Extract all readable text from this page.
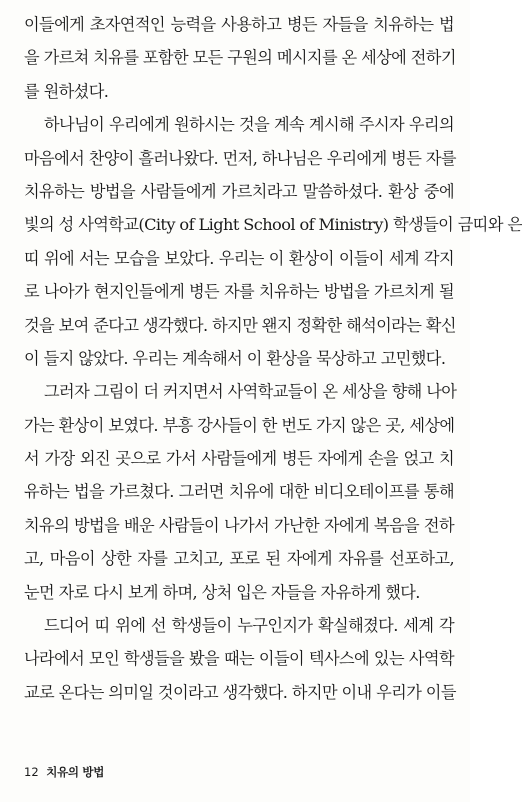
이들에게 초자연적인 능력을 사용하고 병든 자들을 치유하는 법
을 가르쳐 치유를 포함한 모든 구원의 메시지를 온 세상에 전하기
를 원하셨다.
하나님이 우리에게 원하시는 것을 계속 계시해 주시자 우리의
마음에서 찬양이 흘러나왔다. 먼저, 하나님은 우리에게 병든 자를
치유하는 방법을 사람들에게 가르치라고 말씀하셨다. 환상 중에
빛의 성 사역학교(City of Light School of Ministry) 학생들이 금띠와 은
띠 위에 서는 모습을 보았다. 우리는 이 환상이 이들이 세계 각지
로 나아가 현지인들에게 병든 자를 치유하는 방법을 가르치게 될
것을 보여 준다고 생각했다. 하지만 왠지 정확한 해석이라는 확신
이 들지 않았다. 우리는 계속해서 이 환상을 묵상하고 고민했다.
그러자 그림이 더 커지면서 사역학교들이 온 세상을 향해 나아
가는 환상이 보였다. 부흥 강사들이 한 번도 가지 않은 곳, 세상에
서 가장 외진 곳으로 가서 사람들에게 병든 자에게 손을 얹고 치
유하는 법을 가르쳤다. 그러면 치유에 대한 비디오테이프를 통해
치유의 방법을 배운 사람들이 나가서 가난한 자에게 복음을 전하
고, 마음이 상한 자를 고치고, 포로 된 자에게 자유를 선포하고,
눈먼 자로 다시 보게 하며, 상처 입은 자들을 자유하게 했다.
드디어 띠 위에 선 학생들이 누구인지가 확실해졌다. 세계 각
나라에서 모인 학생들을 봤을 때는 이들이 텍사스에 있는 사역학
교로 온다는 의미일 것이라고 생각했다. 하지만 이내 우리가 이들
12 치유의 방법
